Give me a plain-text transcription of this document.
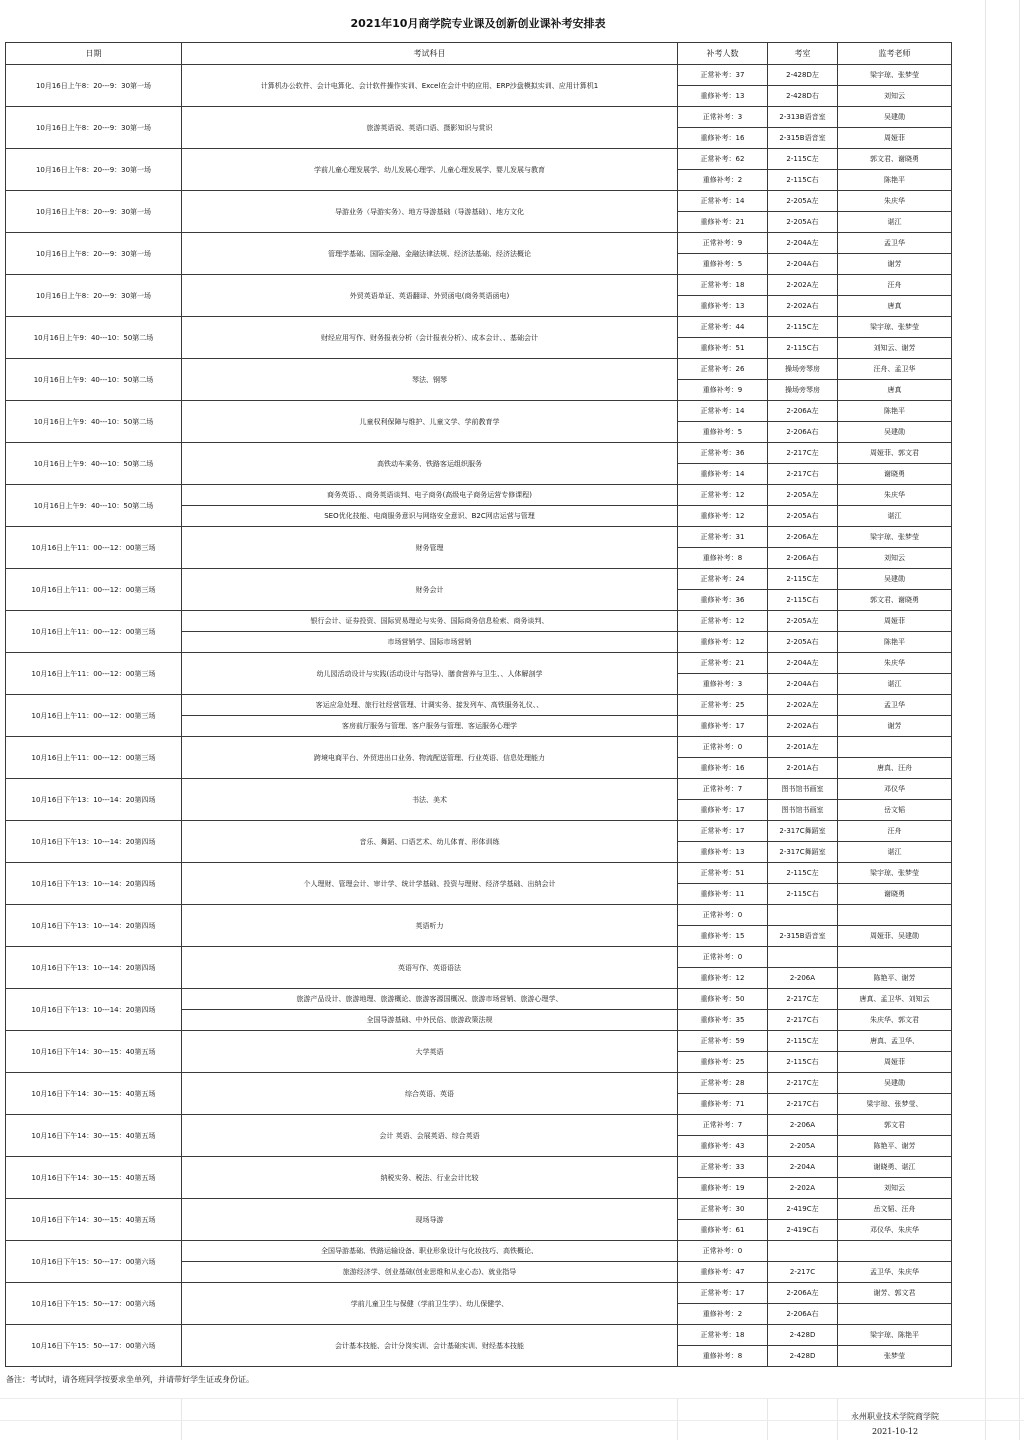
2021年10月商学院专业课及创新创业课补考安排表
日期	考试科目	补考人数	考室	监考老师
10月16日上午8：20---9：30第一场	计算机办公软件、会计电算化、会计软件操作实训、Excel在会计中的应用、ERP沙盘模拟实训、应用计算机1	正常补考：37	2-428D左	梁宇琼、张梦莹
		重修补考：13	2-428D右	刘知云
10月16日上午8：20---9：30第一场	旅游英语说、英语口语、摄影知识与赏识	正常补考：3	2-313B语音室	吴建勋
		重修补考：16	2-315B语音室	周娅菲
10月16日上午8：20---9：30第一场	学前儿童心理发展学、幼儿发展心理学、儿童心理发展学、婴儿发展与教育	正常补考：62	2-115C左	郭文君、谢晓勇
		重修补考：2	2-115C右	陈艳平
10月16日上午8：20---9：30第一场	导游业务（导游实务）、地方导游基础（导游基础）、地方文化	正常补考：14	2-205A左	朱庆华
		重修补考：21	2-205A右	谌江
10月16日上午8：20---9：30第一场	管理学基础、国际金融、金融法律法规、经济法基础、经济法概论	正常补考：9	2-204A左	孟卫华
		重修补考：5	2-204A右	谢芳
10月16日上午8：20---9：30第一场	外贸英语单证、英语翻译、外贸函电(商务英语函电)	正常补考：18	2-202A左	汪舟
		重修补考：13	2-202A右	唐真
10月16日上午9：40---10：50第二场	财经应用写作、财务报表分析（会计报表分析）、成本会计、、基础会计	正常补考：44	2-115C左	梁宇琼、张梦莹
		重修补考：51	2-115C右	刘知云、谢芳
10月16日上午9：40---10：50第二场	琴法、钢琴	正常补考：26	操场旁琴房	汪舟、孟卫华
		重修补考：9	操场旁琴房	唐真
10月16日上午9：40---10：50第二场	儿童权利保障与维护、儿童文学、学前教育学	正常补考：14	2-206A左	陈艳平
		重修补考：5	2-206A右	吴建勋
10月16日上午9：40---10：50第二场	高铁动车乘务、铁路客运组织服务	正常补考：36	2-217C左	周娅菲、郭文君
		重修补考：14	2-217C右	谢晓勇
10月16日上午9：40---10：50第二场	商务英语、、商务英语谈判、电子商务(高级电子商务运营专修课程)	正常补考：12	2-205A左	朱庆华
	SEO优化技能、电商服务意识与网络安全意识、B2C网店运营与管理	重修补考：12	2-205A右	谌江
10月16日上午11：00---12：00第三场	财务管理	正常补考：31	2-206A左	梁宇琼、张梦莹
		重修补考：8	2-206A右	刘知云
10月16日上午11：00---12：00第三场	财务会计	正常补考：24	2-115C左	吴建勋
		重修补考：36	2-115C右	郭文君、谢晓勇
10月16日上午11：00---12：00第三场	银行会计、证券投资、国际贸易理论与实务、国际商务信息检索、商务谈判、	正常补考：12	2-205A左	周娅菲
	市场营销学、国际市场营销	重修补考：12	2-205A右	陈艳平
10月16日上午11：00---12：00第三场	幼儿园活动设计与实践(活动设计与指导)、膳食营养与卫生、、人体解剖学	正常补考：21	2-204A左	朱庆华
		重修补考：3	2-204A右	谌江
10月16日上午11：00---12：00第三场	客运应急处理、旅行社经营管理、计调实务、接发列车、高铁服务礼仪、、	正常补考：25	2-202A左	孟卫华
	客房前厅服务与管理、客户服务与管理、客运服务心理学	重修补考：17	2-202A右	谢芳
10月16日上午11：00---12：00第三场	跨境电商平台、外贸进出口业务、物流配送管理、行业英语、信息处理能力	正常补考：0	2-201A左	
		重修补考：16	2-201A右	唐真、汪舟
10月16日下午13：10---14：20第四场	书法、美术	正常补考：7	图书馆书画室	邓仪华
		重修补考：17	图书馆书画室	岳文韬
10月16日下午13：10---14：20第四场	音乐、舞蹈、口语艺术、幼儿体育、形体训练	正常补考：17	2-317C舞蹈室	汪舟
		重修补考：13	2-317C舞蹈室	谌江
10月16日下午13：10---14：20第四场	个人理财、管理会计、审计学、统计学基础、投资与理财、经济学基础、出纳会计	正常补考：51	2-115C左	梁宇琼、张梦莹
		重修补考：11	2-115C右	谢晓勇
10月16日下午13：10---14：20第四场	英语听力	正常补考：0		
		重修补考：15	2-315B语音室	周娅菲、吴建勋
10月16日下午13：10---14：20第四场	英语写作、英语语法	正常补考：0		
		重修补考：12	2-206A	陈艳平、谢芳
10月16日下午13：10---14：20第四场	旅游产品设计、旅游地理、旅游概论、旅游客源国概况、旅游市场营销、旅游心理学、	重修补考：50	2-217C左	唐真、孟卫华、刘知云
	全国导游基础、中外民俗、旅游政策法规	重修补考：35	2-217C右	朱庆华、郭文君
10月16日下午14：30---15：40第五场	大学英语	正常补考：59	2-115C左	唐真、孟卫华、
		重修补考：25	2-115C右	周娅菲
10月16日下午14：30---15：40第五场	综合英语、英语	正常补考：28	2-217C左	吴建勋
		重修补考：71	2-217C右	梁宇琼、张梦莹、
10月16日下午14：30---15：40第五场	会计 英语、会展英语、综合英语	正常补考：7	2-206A	郭文君
		重修补考：43	2-205A	陈艳平、谢芳
10月16日下午14：30---15：40第五场	纳税实务、税法、行业会计比较	正常补考：33	2-204A	谢晓勇、谌江
		重修补考：19	2-202A	刘知云
10月16日下午14：30---15：40第五场	现场导游	正常补考：30	2-419C左	岳文韬、汪舟
		重修补考：61	2-419C右	邓仪华、朱庆华
10月16日下午15：50---17：00第六场	全国导游基础、铁路运输设备、职业形象设计与化妆技巧、高铁概论、	正常补考：0		
	旅游经济学、创业基础(创业思维和从业心态)、就业指导	重修补考：47	2-217C	孟卫华、朱庆华
10月16日下午15：50---17：00第六场	学前儿童卫生与保健（学前卫生学）、幼儿保健学、	正常补考：17	2-206A左	谢芳、郭文君
		重修补考：2	2-206A右	
10月16日下午15：50---17：00第六场	会计基本技能、会计分岗实训、会计基础实训、财经基本技能	正常补考：18	2-428D	梁宇琼、陈艳平
		重修补考：8	2-428D	张梦莹
备注：考试时，请各班同学按要求坐单列，并请带好学生证或身份证。
永州职业技术学院商学院
2021-10-12
